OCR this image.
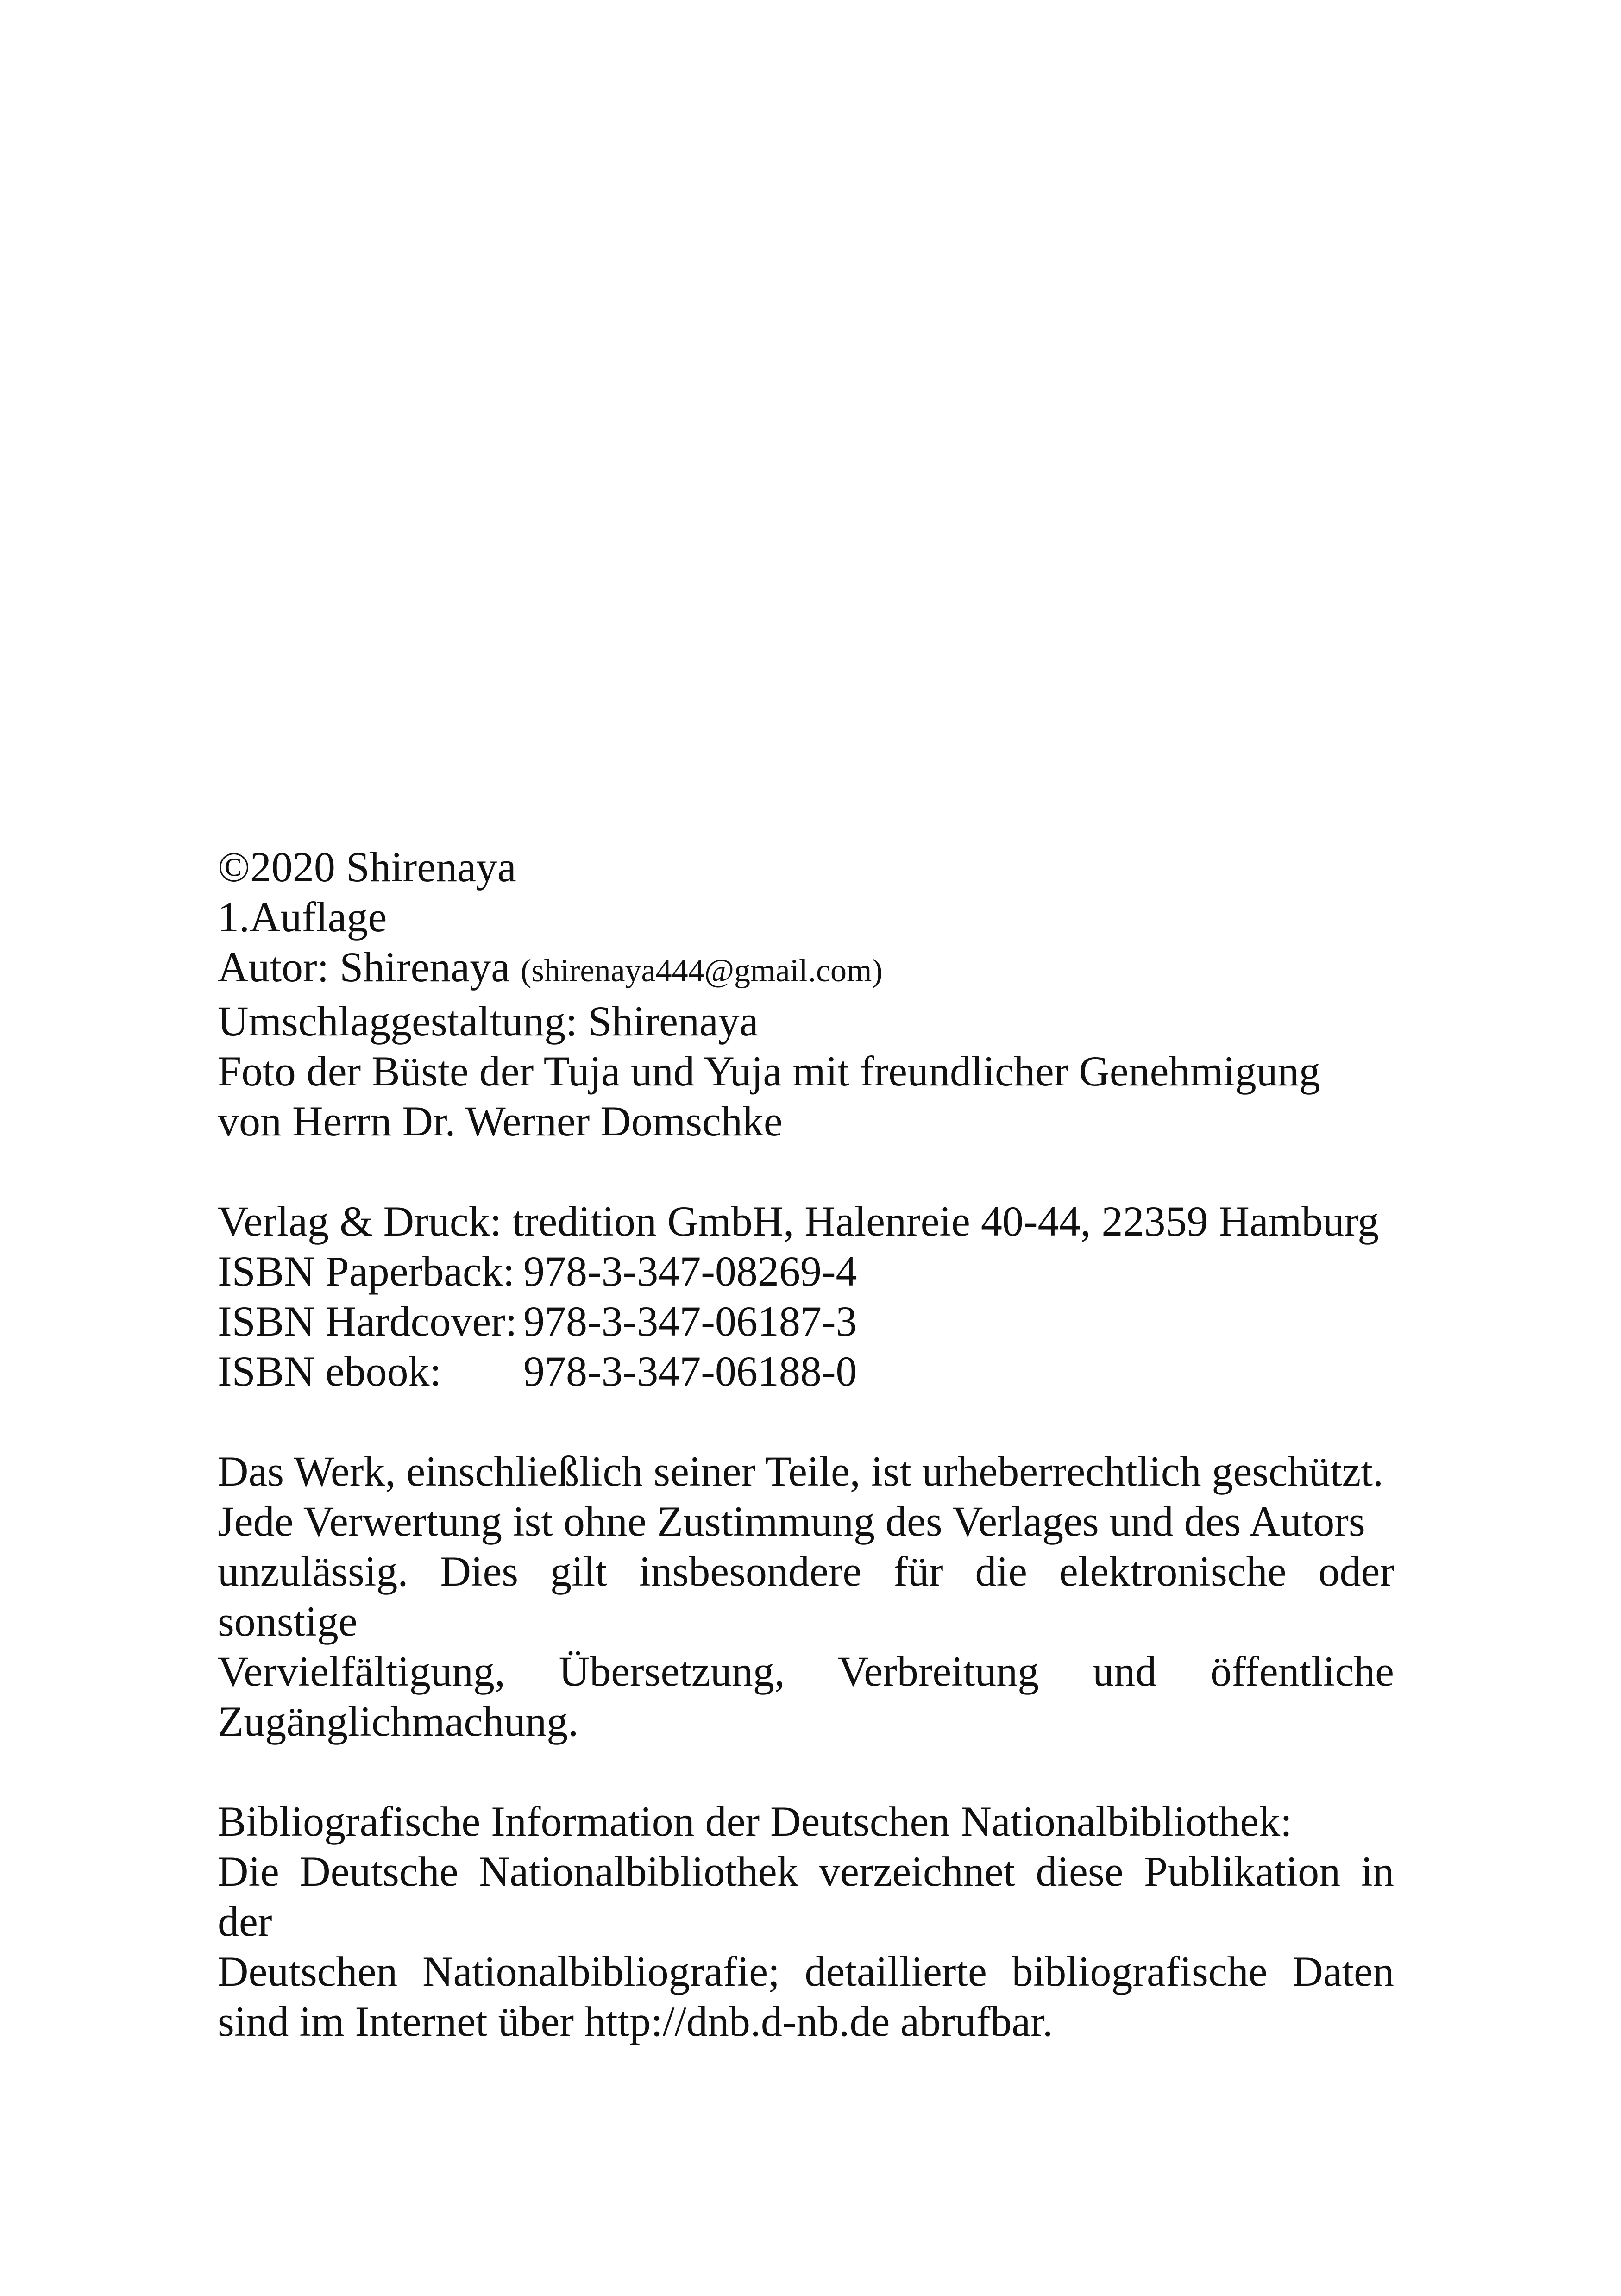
©2020 Shirenaya
1.Auflage
Autor: Shirenaya (shirenaya444@gmail.com)
Umschlaggestaltung: Shirenaya
Foto der Büste der Tuja und Yuja mit freundlicher Genehmigung
von Herrn Dr. Werner Domschke
Verlag & Druck: tredition GmbH, Halenreie 40-44, 22359 Hamburg
ISBN Paperback: 978-3-347-08269-4
ISBN Hardcover: 978-3-347-06187-3
ISBN ebook: 978-3-347-06188-0
Das Werk, einschließlich seiner Teile, ist urheberrechtlich geschützt.
Jede Verwertung ist ohne Zustimmung des Verlages und des Autors
unzulässig. Dies gilt insbesondere für die elektronische oder sonstige
Vervielfältigung, Übersetzung, Verbreitung und öffentliche
Zugänglichmachung.
Bibliografische Information der Deutschen Nationalbibliothek:
Die Deutsche Nationalbibliothek verzeichnet diese Publikation in der
Deutschen Nationalbibliografie; detaillierte bibliografische Daten
sind im Internet über http://dnb.d-nb.de abrufbar.
